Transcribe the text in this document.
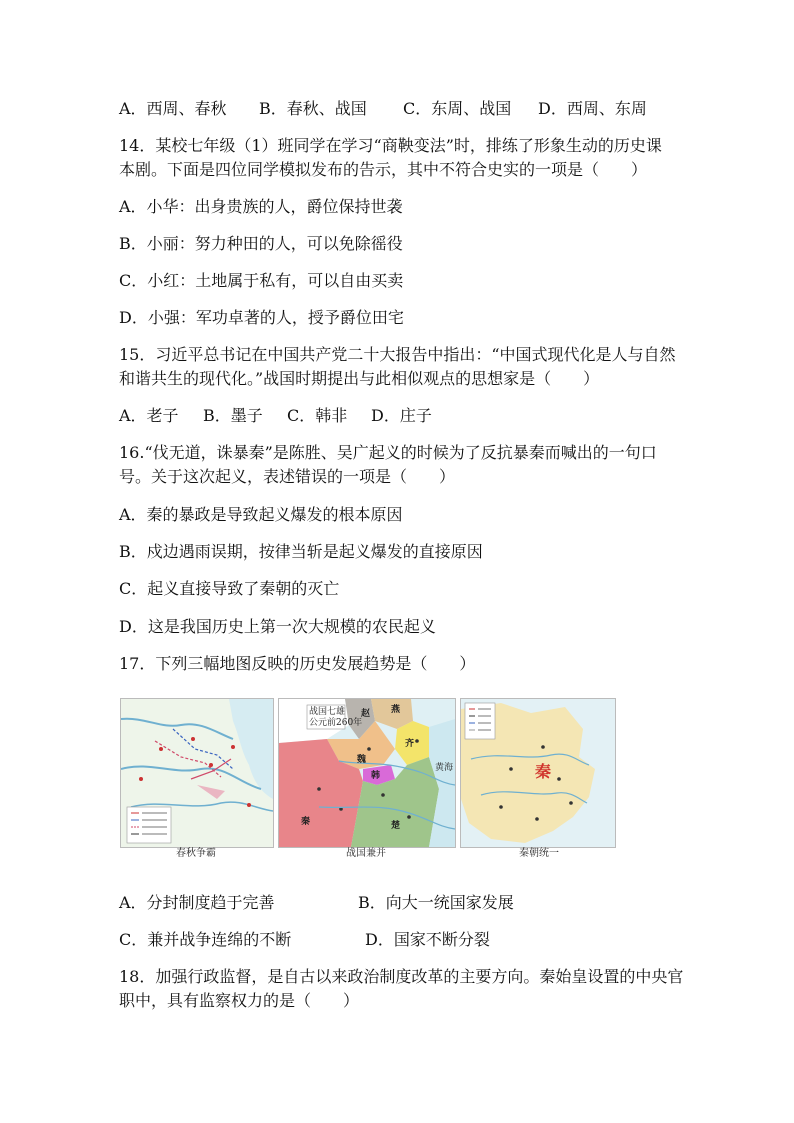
A．西周、春秋 B．春秋、战国 C．东周、战国 D．西周、东周
14．某校七年级（1）班同学在学习“商鞅变法”时，排练了形象生动的历史课
本剧。下面是四位同学模拟发布的告示，其中不符合史实的一项是（　　）
A．小华：出身贵族的人，爵位保持世袭
B．小丽：努力种田的人，可以免除徭役
C．小红：土地属于私有，可以自由买卖
D．小强：军功卓著的人，授予爵位田宅
15．习近平总书记在中国共产党二十大报告中指出：“中国式现代化是人与自然
和谐共生的现代化。”战国时期提出与此相似观点的思想家是（　　）
A．老子 B．墨子 C．韩非 D．庄子
16.“伐无道，诛暴秦”是陈胜、吴广起义的时候为了反抗暴秦而喊出的一句口
号。关于这次起义，表述错误的一项是（　　）
A．秦的暴政是导致起义爆发的根本原因
B．戍边遇雨误期，按律当斩是起义爆发的直接原因
C．起义直接导致了秦朝的灭亡
D．这是我国历史上第一次大规模的农民起义
17．下列三幅地图反映的历史发展趋势是（　　）
春秋争霸
战国七雄
公元前260年
赵 燕
齐
魏
韩
秦	楚
黄海
战国兼并
秦
秦朝统一
A．分封制度趋于完善	B．向大一统国家发展
C．兼并战争连绵的不断	D．国家不断分裂
18．加强行政监督，是自古以来政治制度改革的主要方向。秦始皇设置的中央官
职中，具有监察权力的是（　　）
